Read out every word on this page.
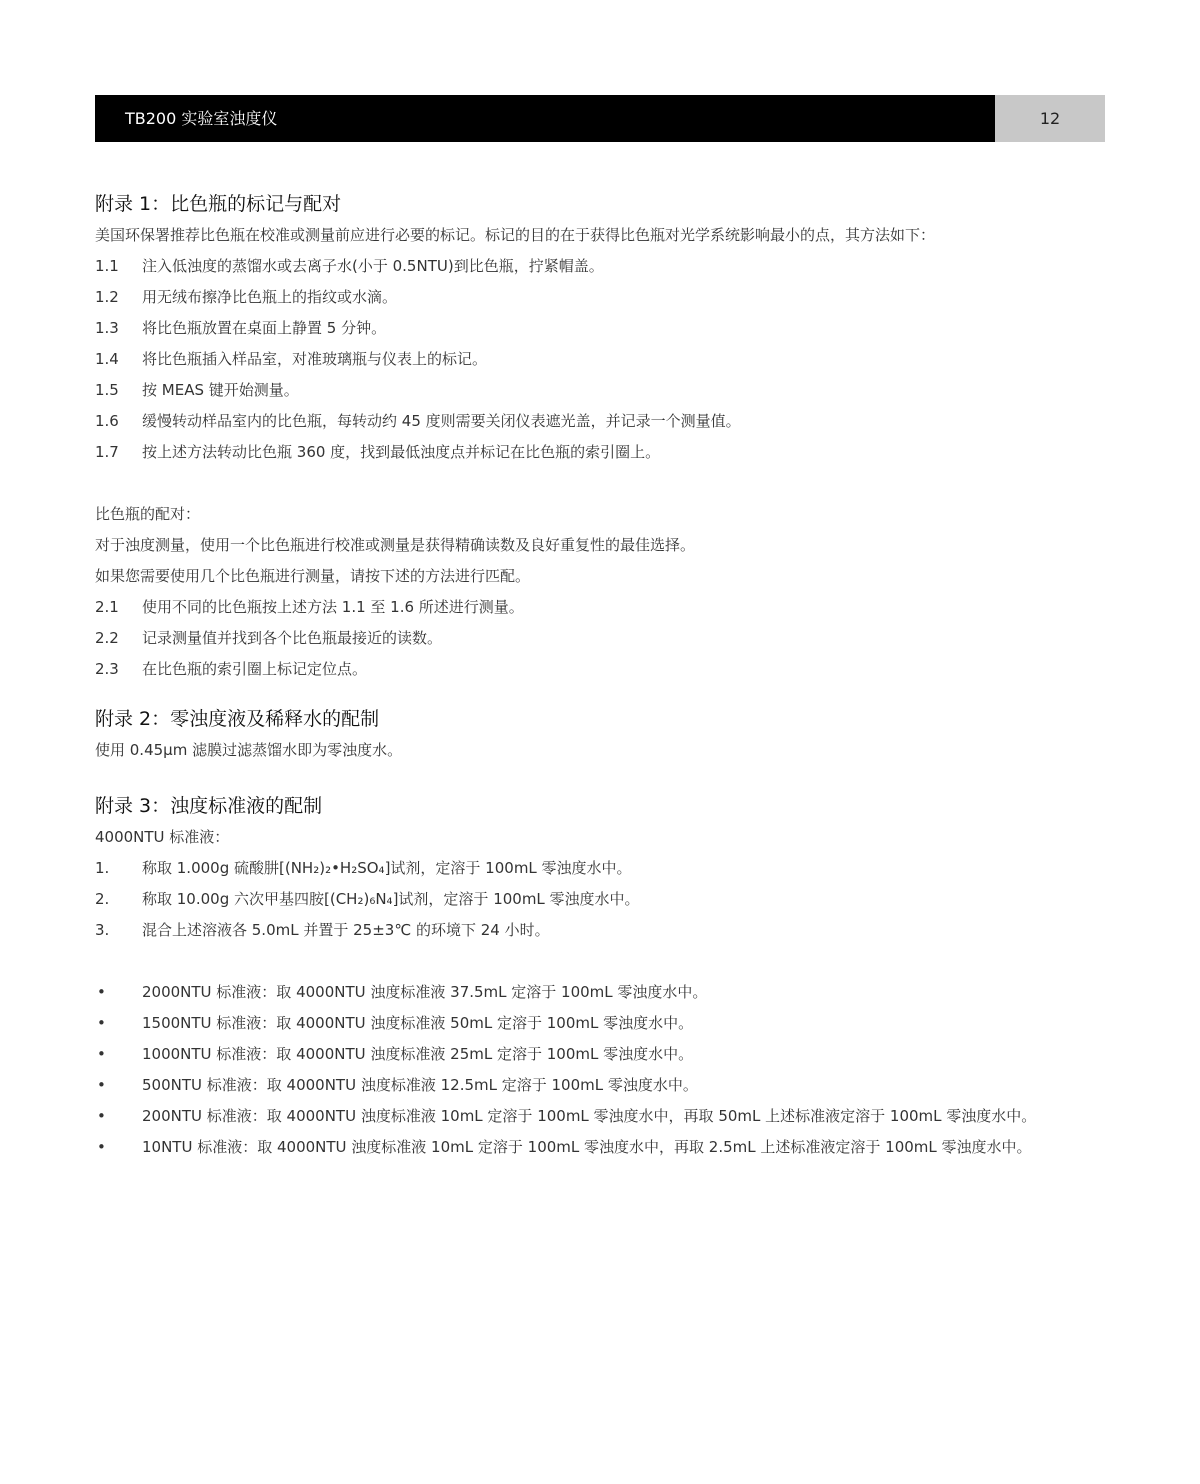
TB200 实验室浊度仪	12
附录 1：比色瓶的标记与配对

美国环保署推荐比色瓶在校准或测量前应进行必要的标记。标记的目的在于获得比色瓶对光学系统影响最小的点，其方法如下：

1.1	注入低浊度的蒸馏水或去离子水(小于 0.5NTU)到比色瓶，拧紧帽盖。
1.2	用无绒布擦净比色瓶上的指纹或水滴。
1.3	将比色瓶放置在桌面上静置 5 分钟。
1.4	将比色瓶插入样品室，对准玻璃瓶与仪表上的标记。
1.5	按 MEAS 键开始测量。
1.6	缓慢转动样品室内的比色瓶，每转动约 45 度则需要关闭仪表遮光盖，并记录一个测量值。
1.7	按上述方法转动比色瓶 360 度，找到最低浊度点并标记在比色瓶的索引圈上。

比色瓶的配对：

对于浊度测量，使用一个比色瓶进行校准或测量是获得精确读数及良好重复性的最佳选择。

如果您需要使用几个比色瓶进行测量，请按下述的方法进行匹配。

2.1	使用不同的比色瓶按上述方法 1.1 至 1.6 所述进行测量。
2.2	记录测量值并找到各个比色瓶最接近的读数。
2.3	在比色瓶的索引圈上标记定位点。
附录 2：零浊度液及稀释水的配制

使用 0.45μm 滤膜过滤蒸馏水即为零浊度水。

附录 3：浊度标准液的配制

4000NTU 标准液：

1.	称取 1.000g 硫酸肼[(NH₂)₂•H₂SO₄]试剂，定溶于 100mL 零浊度水中。
2.	称取 10.00g 六次甲基四胺[(CH₂)₆N₄]试剂，定溶于 100mL 零浊度水中。
3.	混合上述溶液各 5.0mL 并置于 25±3℃ 的环境下 24 小时。
•	2000NTU 标准液：取 4000NTU 浊度标准液 37.5mL 定溶于 100mL 零浊度水中。
•	1500NTU 标准液：取 4000NTU 浊度标准液 50mL 定溶于 100mL 零浊度水中。
•	1000NTU 标准液：取 4000NTU 浊度标准液 25mL 定溶于 100mL 零浊度水中。
•	500NTU 标准液：取 4000NTU 浊度标准液 12.5mL 定溶于 100mL 零浊度水中。
•	200NTU 标准液：取 4000NTU 浊度标准液 10mL 定溶于 100mL 零浊度水中，再取 50mL 上述标准液定溶于 100mL 零浊度水中。
•	10NTU 标准液：取 4000NTU 浊度标准液 10mL 定溶于 100mL 零浊度水中，再取 2.5mL 上述标准液定溶于 100mL 零浊度水中。
